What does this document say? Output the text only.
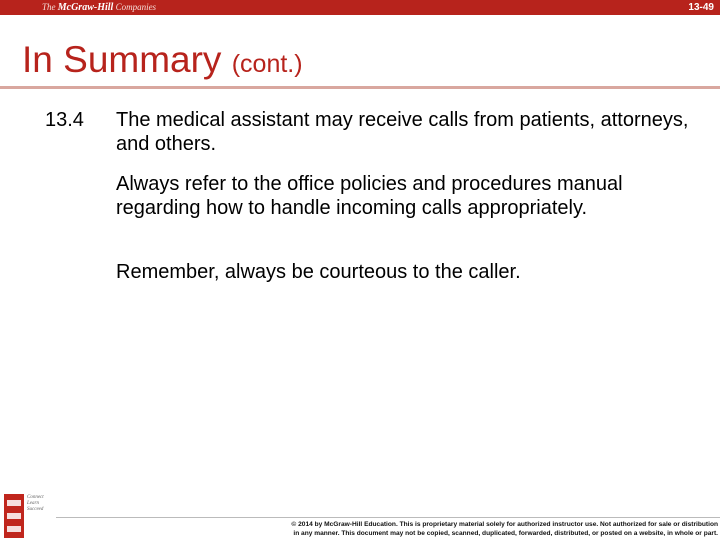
The McGraw-Hill Companies	13-49
In Summary (cont.)
13.4 The medical assistant may receive calls from patients, attorneys, and others.

Always refer to the office policies and procedures manual regarding how to handle incoming calls appropriately.

Remember, always be courteous to the caller.

Connect Learn Succeed
© 2014 by McGraw-Hill Education. This is proprietary material solely for authorized instructor use. Not authorized for sale or distribution
in any manner. This document may not be copied, scanned, duplicated, forwarded, distributed, or posted on a website, in whole or part.
